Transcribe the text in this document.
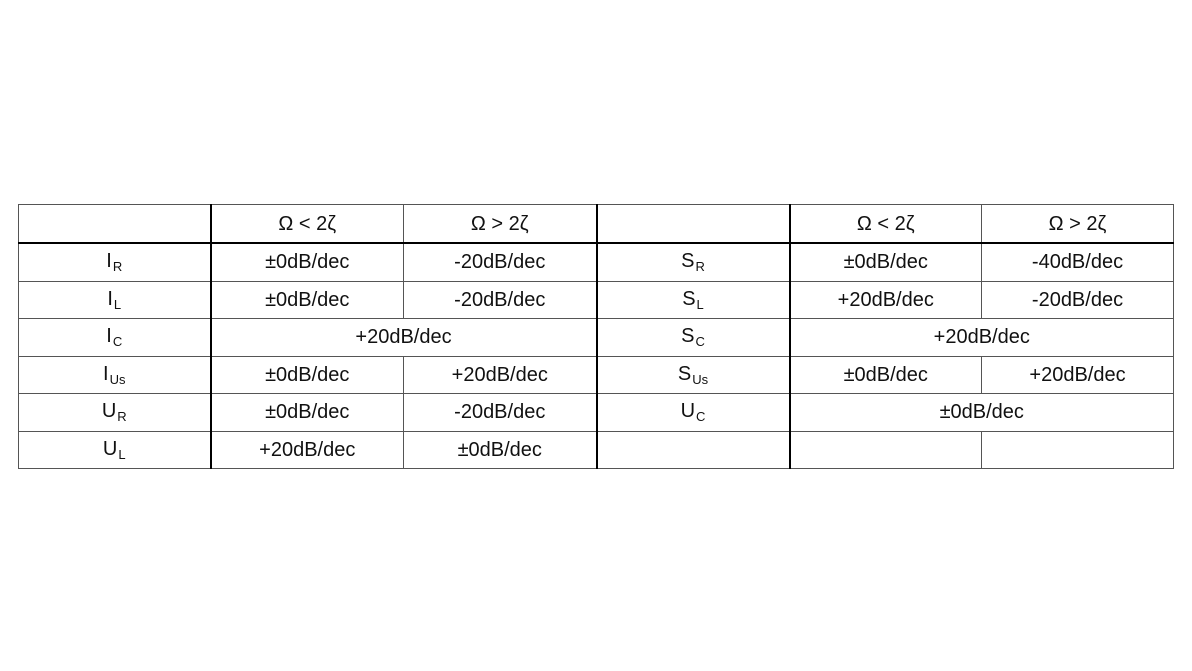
	Ω < 2ζ	Ω > 2ζ		Ω < 2ζ	Ω > 2ζ
$I_R$	±0dB/dec	-20dB/dec	$S_R$	±0dB/dec	-40dB/dec
$I_L$	±0dB/dec	-20dB/dec	$S_L$	+20dB/dec	-20dB/dec
$I_C$	+20dB/dec		$S_C$	+20dB/dec	
$I_{Us}$	±0dB/dec	+20dB/dec	$S_{Us}$	±0dB/dec	+20dB/dec
$U_R$	±0dB/dec	-20dB/dec	$U_C$	±0dB/dec	
$U_L$	+20dB/dec	±0dB/dec			
